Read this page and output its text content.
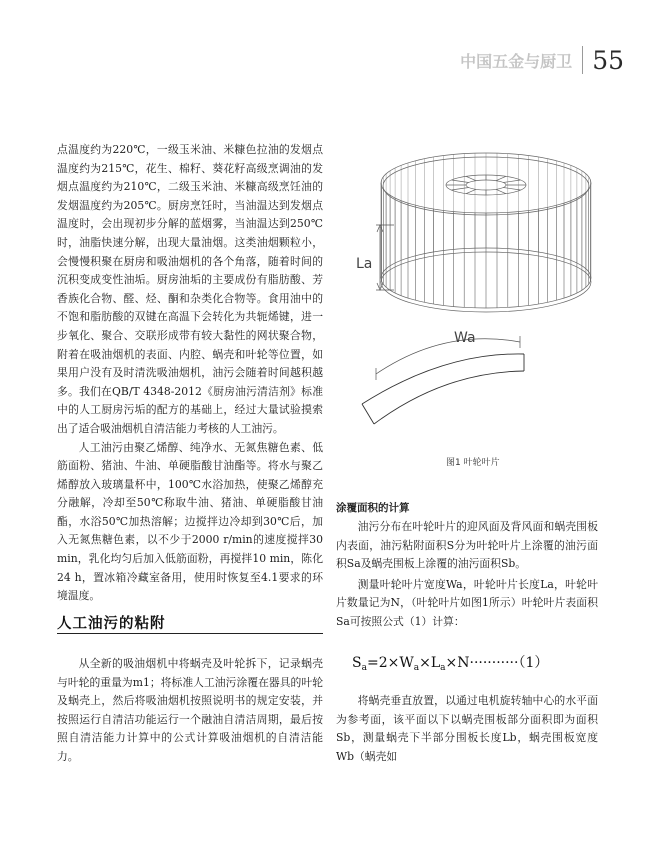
中国五金与厨卫 55

点温度约为220℃，一级玉米油、米糠色拉油的发烟点温度约为215℃，花生、棉籽、葵花籽高级烹调油的发烟点温度约为210℃，二级玉米油、米糠高级烹饪油的发烟温度约为205℃。厨房烹饪时，当油温达到发烟点温度时，会出现初步分解的蓝烟雾，当油温达到250℃时，油脂快速分解，出现大量油烟。这类油烟颗粒小，会慢慢积聚在厨房和吸油烟机的各个角落，随着时间的沉积变成变性油垢。厨房油垢的主要成份有脂肪酸、芳香族化合物、醛、烃、酮和杂类化合物等。食用油中的不饱和脂肪酸的双键在高温下会转化为共轭烯键，进一步氧化、聚合、交联形成带有较大黏性的网状聚合物，附着在吸油烟机的表面、内腔、蜗壳和叶轮等位置，如果用户没有及时清洗吸油烟机，油污会随着时间越积越多。我们在QB/T 4348-2012《厨房油污清洁剂》标准中的人工厨房污垢的配方的基础上，经过大量试验摸索出了适合吸油烟机自清洁能力考核的人工油污。

人工油污由聚乙烯醇、纯净水、无氮焦糖色素、低筋面粉、猪油、牛油、单硬脂酸甘油酯等。将水与聚乙烯醇放入玻璃量杯中，100℃水浴加热，使聚乙烯醇充分融解，冷却至50℃称取牛油、猪油、单硬脂酸甘油酯，水浴50℃加热溶解；边搅拌边冷却到30℃后，加入无氮焦糖色素，以不少于2000 r/min的速度搅拌30 min，乳化均匀后加入低筋面粉，再搅拌10 min，陈化24 h，置冰箱冷藏室备用，使用时恢复至4.1要求的环境温度。

人工油污的粘附

从全新的吸油烟机中将蜗壳及叶轮拆下，记录蜗壳与叶轮的重量为m1；将标准人工油污涂覆在器具的叶轮及蜗壳上，然后将吸油烟机按照说明书的规定安装，并按照运行自清洁功能运行一个融油自清洁周期，最后按照自清洁能力计算中的公式计算吸油烟机的自清洁能力。

La
Wa
图1 叶轮叶片
涂覆面积的计算

油污分布在叶轮叶片的迎风面及背风面和蜗壳围板内表面，油污粘附面积S分为叶轮叶片上涂覆的油污面积Sa及蜗壳围板上涂覆的油污面积Sb。

测量叶轮叶片宽度Wa，叶轮叶片长度La，叶轮叶片数量记为N，（叶轮叶片如图1所示）叶轮叶片表面积Sa可按照公式（1）计算：

$S_a=2\times W_a\times L_a\times N\cdot\cdot\cdot\cdot\cdot\cdot\cdot\cdot\cdot\cdot\cdot(1)$

将蜗壳垂直放置，以通过电机旋转轴中心的水平面为参考面，该平面以下以蜗壳围板部分面积即为面积Sb，测量蜗壳下半部分围板长度Lb，蜗壳围板宽度Wb（蜗壳如
